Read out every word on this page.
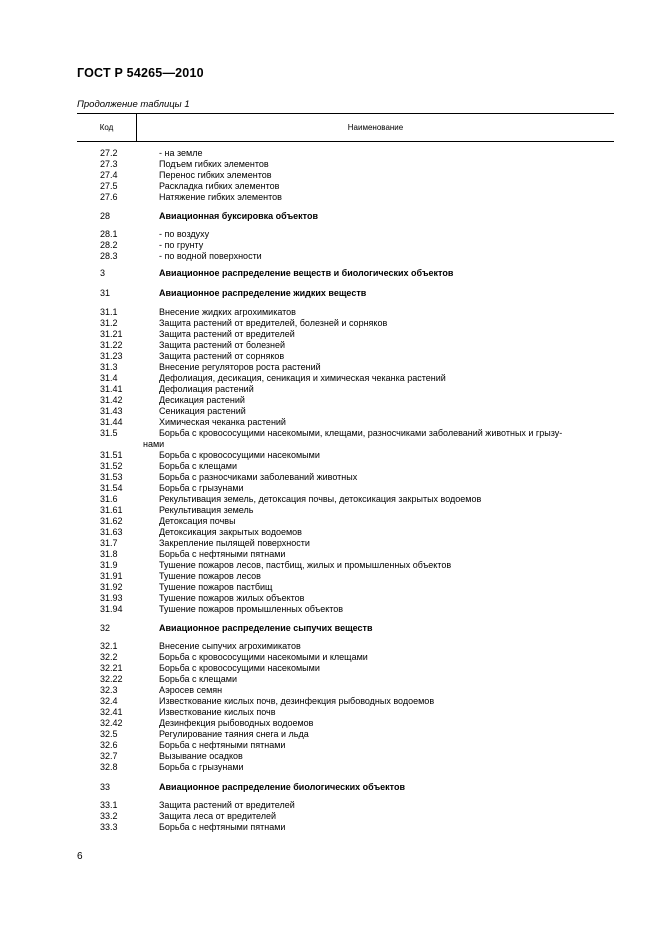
ГОСТ Р 54265—2010
Продолжение таблицы 1
Код	Наименование
27.2	- на земле
27.3	Подъем гибких элементов
27.4	Перенос гибких элементов
27.5	Раскладка гибких элементов
27.6	Натяжение гибких элементов
28	Авиационная буксировка объектов
28.1	- по воздуху
28.2	- по грунту
28.3	- по водной поверхности
3	Авиационное распределение веществ и биологических объектов
31	Авиационное распределение жидких веществ
31.1	Внесение жидких агрохимикатов
31.2	Защита растений от вредителей, болезней и сорняков
31.21	Защита растений от вредителей
31.22	Защита растений от болезней
31.23	Защита растений от сорняков
31.3	Внесение регуляторов роста растений
31.4	Дефолиация, десикация, сеникация и химическая чеканка растений
31.41	Дефолиация растений
31.42	Десикация растений
31.43	Сеникация растений
31.44	Химическая чеканка растений
31.5	Борьба с кровососущими насекомыми, клещами, разносчиками заболеваний животных и грызу-
нами
31.51	Борьба с кровососущими насекомыми
31.52	Борьба с клещами
31.53	Борьба с разносчиками заболеваний животных
31.54	Борьба с грызунами
31.6	Рекультивация земель, детоксация почвы, детоксикация закрытых водоемов
31.61	Рекультивация земель
31.62	Детоксация почвы
31.63	Детоксикация закрытых водоемов
31.7	Закрепление пылящей поверхности
31.8	Борьба с нефтяными пятнами
31.9	Тушение пожаров лесов, пастбищ, жилых и промышленных объектов
31.91	Тушение пожаров лесов
31.92	Тушение пожаров пастбищ
31.93	Тушение пожаров жилых объектов
31.94	Тушение пожаров промышленных объектов
32	Авиационное распределение сыпучих веществ
32.1	Внесение сыпучих агрохимикатов
32.2	Борьба с кровососущими насекомыми и клещами
32.21	Борьба с кровососущими насекомыми
32.22	Борьба с клещами
32.3	Аэросев семян
32.4	Известкование кислых почв, дезинфекция рыбоводных водоемов
32.41	Известкование кислых почв
32.42	Дезинфекция рыбоводных водоемов
32.5	Регулирование таяния снега и льда
32.6	Борьба с нефтяными пятнами
32.7	Вызывание осадков
32.8	Борьба с грызунами
33	Авиационное распределение биологических объектов
33.1	Защита растений от вредителей
33.2	Защита леса от вредителей
33.3	Борьба с нефтяными пятнами
6
